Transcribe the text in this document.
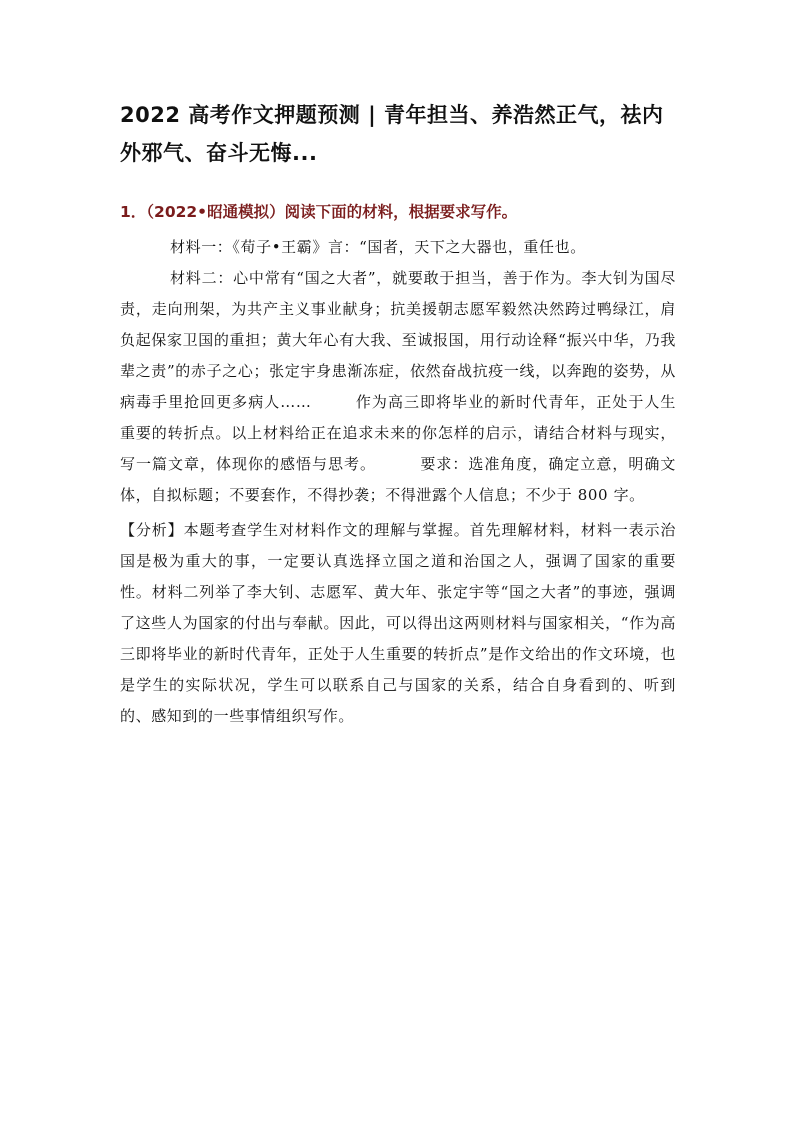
2022 高考作文押题预测 | 青年担当、养浩然正气，祛内外邪气、奋斗无悔...

1．（2022•昭通模拟）阅读下面的材料，根据要求写作。

材料一：《荀子•王霸》言：“国者，天下之大器也，重任也。

材料二：心中常有“国之大者”，就要敢于担当，善于作为。李大钊为国尽责，走向刑架，为共产主义事业献身；抗美援朝志愿军毅然决然跨过鸭绿江，肩负起保家卫国的重担；黄大年心有大我、至诚报国，用行动诠释“振兴中华，乃我辈之责”的赤子之心；张定宇身患渐冻症，依然奋战抗疫一线，以奔跑的姿势，从病毒手里抢回更多病人……	作为高三即将毕业的新时代青年，正处于人生重要的转折点。以上材料给正在追求未来的你怎样的启示，请结合材料与现实，写一篇文章，体现你的感悟与思考。	要求：选准角度，确定立意，明确文体，自拟标题；不要套作，不得抄袭；不得泄露个人信息；不少于 800 字。

【分析】本题考查学生对材料作文的理解与掌握。首先理解材料，材料一表示治国是极为重大的事，一定要认真选择立国之道和治国之人，强调了国家的重要性。材料二列举了李大钊、志愿军、黄大年、张定宇等“国之大者”的事迹，强调了这些人为国家的付出与奉献。因此，可以得出这两则材料与国家相关，“作为高三即将毕业的新时代青年，正处于人生重要的转折点”是作文给出的作文环境，也是学生的实际状况，学生可以联系自己与国家的关系，结合自身看到的、听到的、感知到的一些事情组织写作。
